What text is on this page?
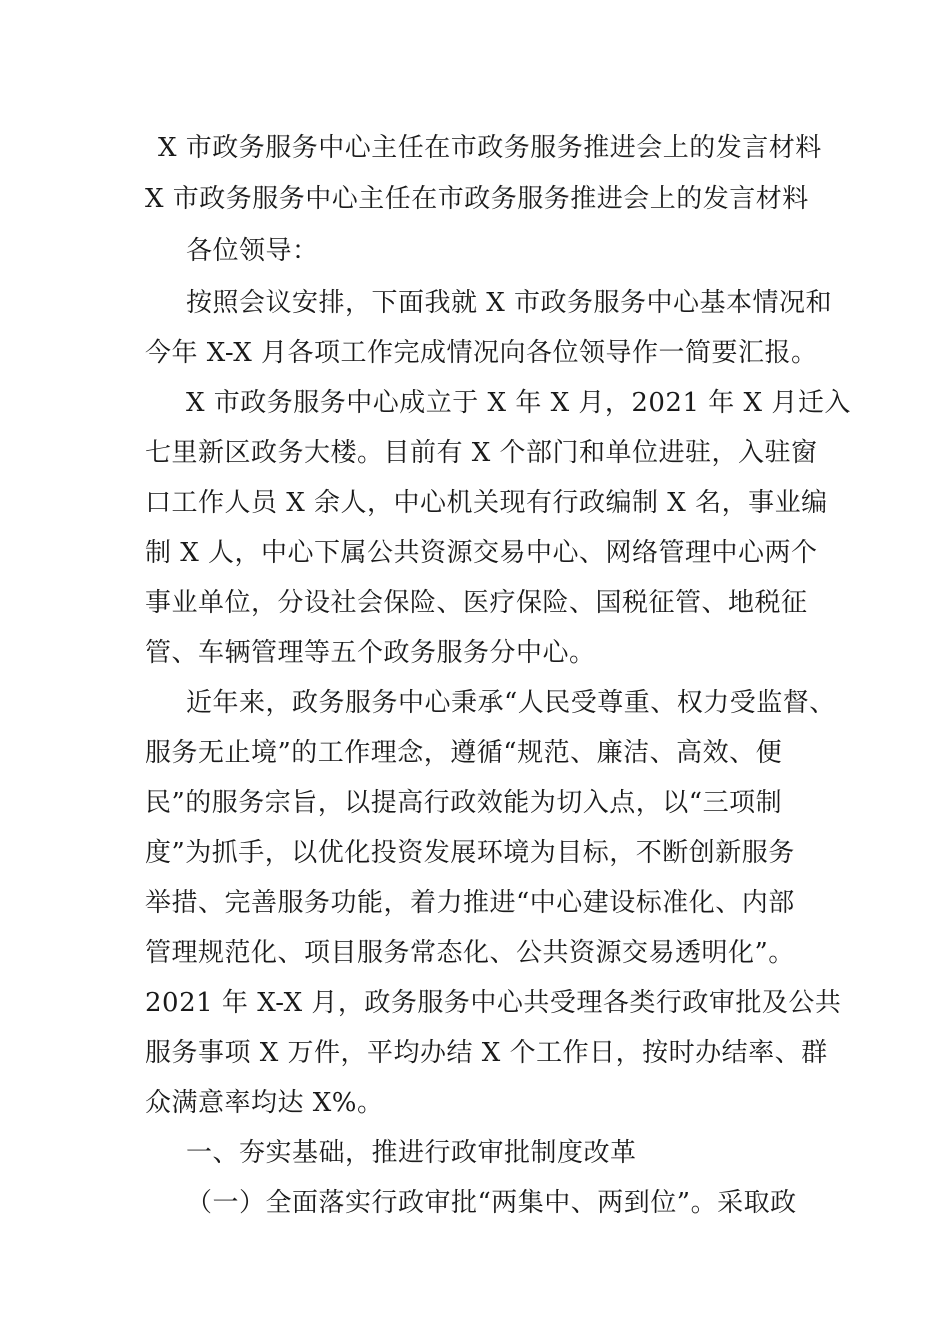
X 市政务服务中心主任在市政务服务推进会上的发言材料
X 市政务服务中心主任在市政务服务推进会上的发言材料
各位领导：
按照会议安排，下面我就 X 市政务服务中心基本情况和
今年 X-X 月各项工作完成情况向各位领导作一简要汇报。
X 市政务服务中心成立于 X 年 X 月，2021 年 X 月迁入
七里新区政务大楼。目前有 X 个部门和单位进驻，入驻窗
口工作人员 X 余人，中心机关现有行政编制 X 名，事业编
制 X 人，中心下属公共资源交易中心、网络管理中心两个
事业单位，分设社会保险、医疗保险、国税征管、地税征
管、车辆管理等五个政务服务分中心。
近年来，政务服务中心秉承“人民受尊重、权力受监督、
服务无止境”的工作理念，遵循“规范、廉洁、高效、便
民”的服务宗旨，以提高行政效能为切入点，以“三项制
度”为抓手，以优化投资发展环境为目标，不断创新服务
举措、完善服务功能，着力推进“中心建设标准化、内部
管理规范化、项目服务常态化、公共资源交易透明化”。
2021 年 X-X 月，政务服务中心共受理各类行政审批及公共
服务事项 X 万件，平均办结 X 个工作日，按时办结率、群
众满意率均达 X%。
一、夯实基础，推进行政审批制度改革
（一）全面落实行政审批“两集中、两到位”。采取政
